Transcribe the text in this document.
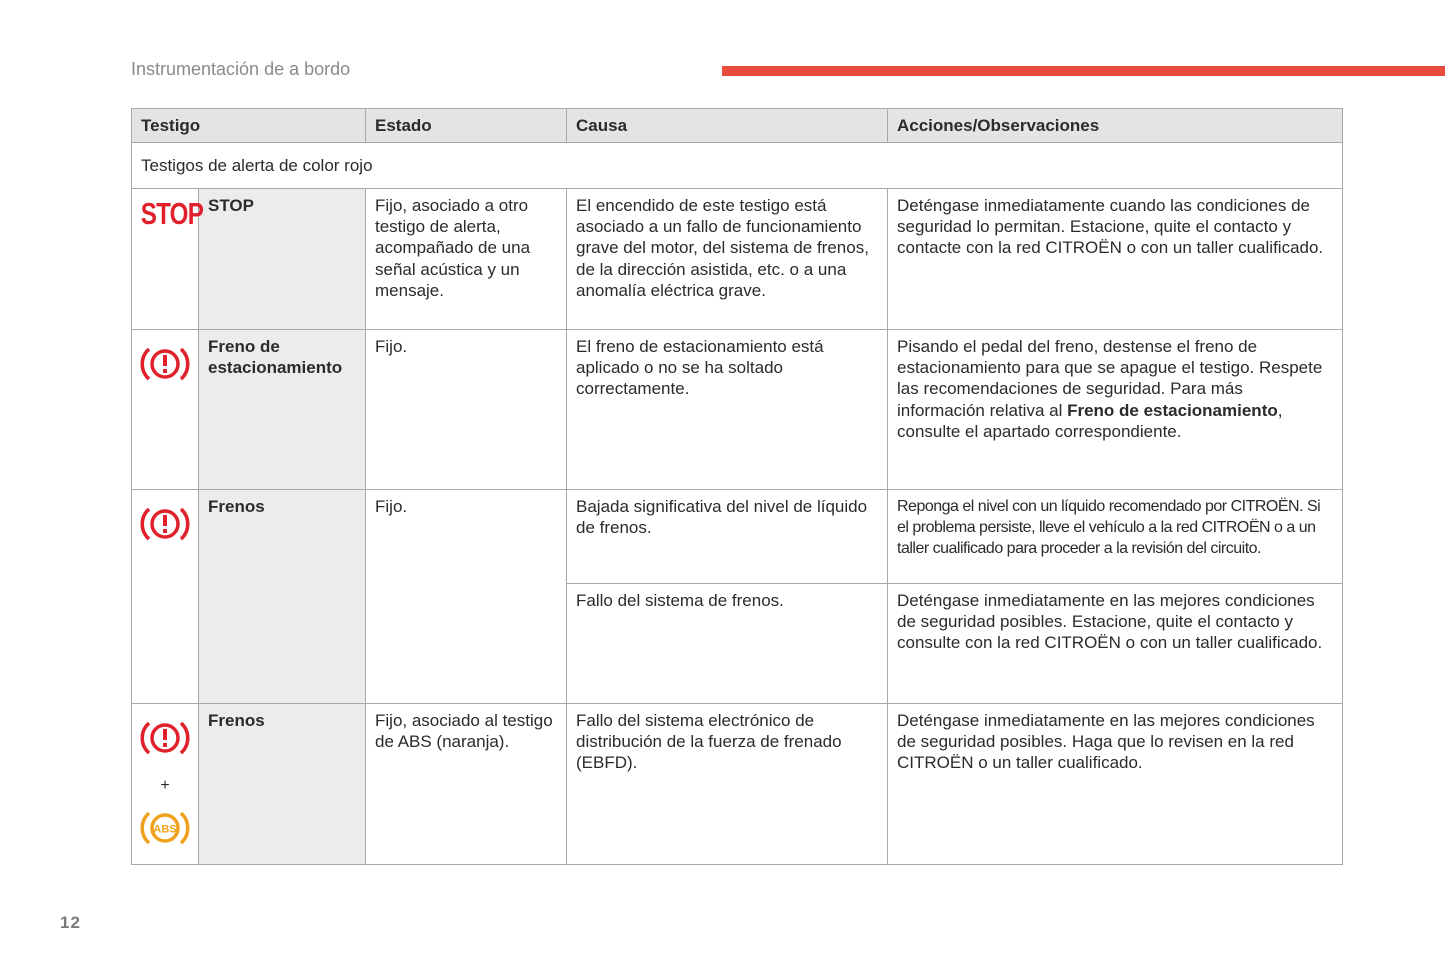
Instrumentación de a bordo
Testigo		Estado	Causa	Acciones/Observaciones
Testigos de alerta de color rojo				
STOP	STOP	Fijo, asociado a otro testigo de alerta, acompañado de una señal acústica y un mensaje.	El encendido de este testigo está asociado a un fallo de funcionamiento grave del motor, del sistema de frenos, de la dirección asistida, etc. o a una anomalía eléctrica grave.	Deténgase inmediatamente cuando las condiciones de seguridad lo permitan. Estacione, quite el contacto y contacte con la red CITROËN o con un taller cualificado.
	Freno de estacionamiento	Fijo.	El freno de estacionamiento está aplicado o no se ha soltado correctamente.	Pisando el pedal del freno, destense el freno de estacionamiento para que se apague el testigo. Respete las recomendaciones de seguridad. Para más información relativa al Freno de estacionamiento, consulte el apartado correspondiente.
	Frenos	Fijo.	Bajada significativa del nivel de líquido de frenos.	Reponga el nivel con un líquido recomendado por CITROËN. Si el problema persiste, lleve el vehículo a la red CITROËN o a un taller cualificado para proceder a la revisión del circuito.
			Fallo del sistema de frenos.	Deténgase inmediatamente en las mejores condiciones de seguridad posibles. Estacione, quite el contacto y consulte con la red CITROËN o con un taller cualificado.

+
ABS	Frenos	Fijo, asociado al testigo de ABS (naranja).	Fallo del sistema electrónico de distribución de la fuerza de frenado (EBFD).	Deténgase inmediatamente en las mejores condiciones de seguridad posibles. Haga que lo revisen en la red CITROËN o un taller cualificado.
12
